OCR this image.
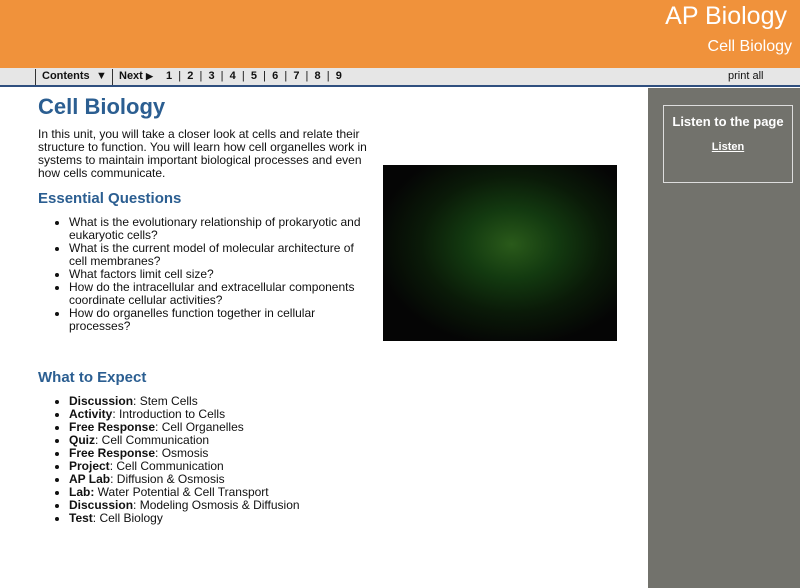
AP Biology
Cell Biology
Contents ▼ Next ▶ 1  |  2  |  3  |  4  |  5  |  6  |  7  |  8  |  9	print all
Listen to the page
Listen
Cell Biology

In this unit, you will take a closer look at cells and relate their structure to function. You will learn how cell organelles work in systems to maintain important biological processes and even how cells communicate.

Essential Questions
• What is the evolutionary relationship of prokaryotic and eukaryotic cells?
• What is the current model of molecular architecture of cell membranes?
• What factors limit cell size?
• How do the intracellular and extracellular components coordinate cellular activities?
• How do organelles function together in cellular processes?
What to Expect
• Discussion: Stem Cells
• Activity: Introduction to Cells
• Free Response: Cell Organelles
• Quiz: Cell Communication
• Free Response: Osmosis
• Project: Cell Communication
• AP Lab: Diffusion & Osmosis
• Lab: Water Potential & Cell Transport
• Discussion: Modeling Osmosis & Diffusion
• Test: Cell Biology
